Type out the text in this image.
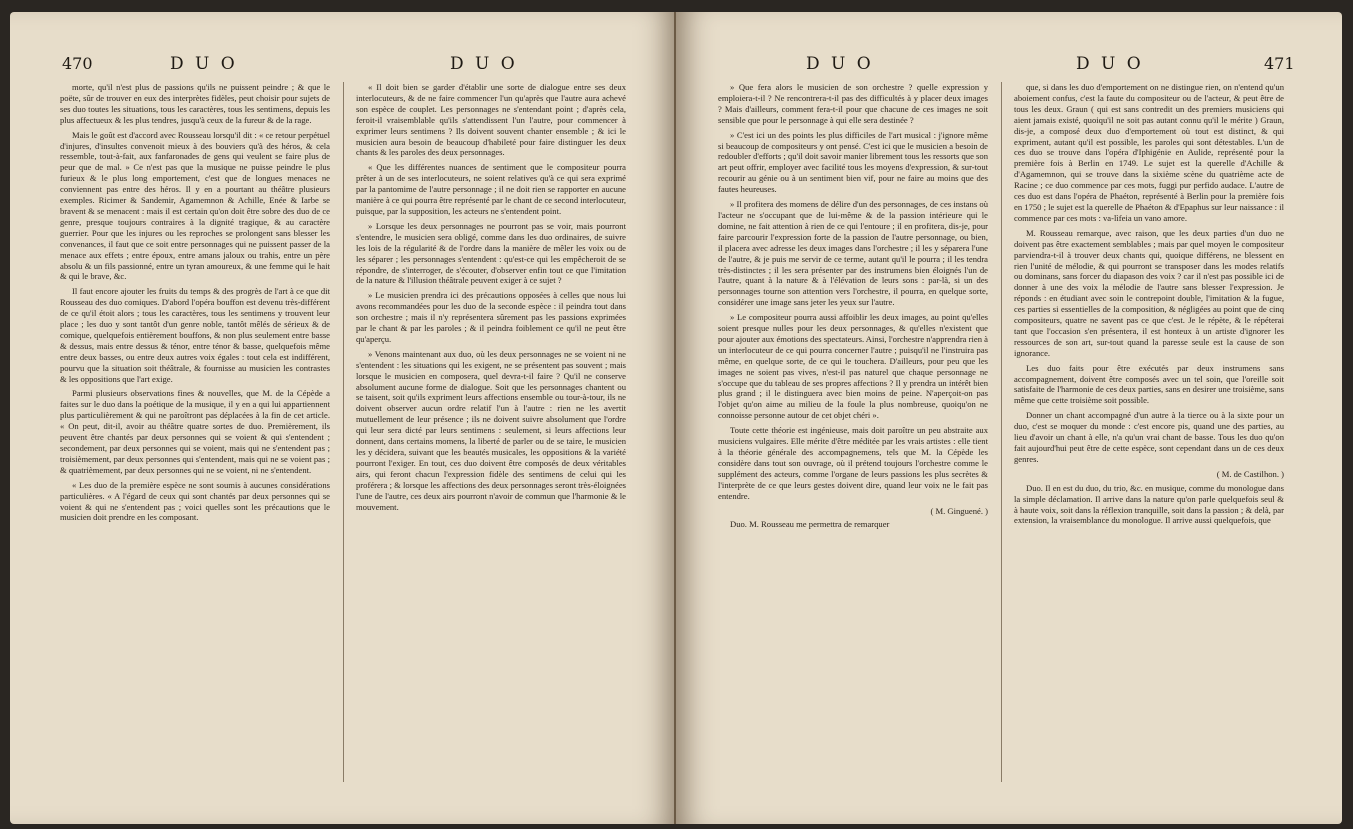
470	D U O	D U O

morte, qu'il n'est plus de passions qu'ils ne puissent peindre ; & que le poëte, sûr de trouver en eux des interprètes fidèles, peut choisir pour sujets de ses duo toutes les situations, tous les caractères, tous les sentimens, depuis les plus affectueux & les plus tendres, jusqu'à ceux de la fureur & de la rage.

Mais le goût est d'accord avec Rousseau lorsqu'il dit : « ce retour perpétuel d'injures, d'insultes convenoit mieux à des bouviers qu'à des héros, & cela ressemble, tout-à-fait, aux fanfaronades de gens qui veulent se faire plus de peur que de mal. » Ce n'est pas que la musique ne puisse peindre le plus furieux & le plus long emportement, c'est que de longues menaces ne conviennent pas entre des héros. Il y en a pourtant au théâtre plusieurs exemples. Ricimer & Sandemir, Agamemnon & Achille, Enée & Iarbe se bravent & se menacent : mais il est certain qu'on doit être sobre des duo de ce genre, presque toujours contraires à la dignité tragique, & au caractère guerrier. Pour que les injures ou les reproches se prolongent sans blesser les convenances, il faut que ce soit entre personnages qui ne puissent passer de la menace aux effets ; entre époux, entre amans jaloux ou trahis, entre un père absolu & un fils passionné, entre un tyran amoureux, & une femme qui le hait & qui le brave, &c.

Il faut encore ajouter les fruits du temps & des progrès de l'art à ce que dit Rousseau des duo comiques. D'abord l'opéra bouffon est devenu très-différent de ce qu'il étoit alors ; tous les caractères, tous les sentimens y trouvent leur place ; les duo y sont tantôt d'un genre noble, tantôt mêlés de sérieux & de comique, quelquefois entièrement bouffons, & non plus seulement entre basse & dessus, mais entre dessus & ténor, entre ténor & basse, quelquefois même entre deux basses, ou entre deux autres voix égales : tout cela est indifférent, pourvu que la situation soit théâtrale, & fournisse au musicien les contrastes & les oppositions que l'art exige.

Parmi plusieurs observations fines & nouvelles, que M. de la Cépède a faites sur le duo dans la poétique de la musique, il y en a qui lui appartiennent plus particulièrement & qui ne paroîtront pas déplacées à la fin de cet article. « On peut, dit-il, avoir au théâtre quatre sortes de duo. Premièrement, ils peuvent être chantés par deux personnes qui se voient & qui s'entendent ; secondement, par deux personnes qui se voient, mais qui ne s'entendent pas ; troisièmement, par deux personnes qui s'entendent, mais qui ne se voient pas ; & quatrièmement, par deux personnes qui ne se voient, ni ne s'entendent.

« Les duo de la première espèce ne sont soumis à aucunes considérations particulières. « A l'égard de ceux qui sont chantés par deux personnes qui se voient & qui ne s'entendent pas ; voici quelles sont les précautions que le musicien doit prendre en les composant.

« Il doit bien se garder d'établir une sorte de dialogue entre ses deux interlocuteurs, & de ne faire commencer l'un qu'après que l'autre aura achevé son espèce de couplet. Les personnages ne s'entendant point ; d'après cela, feroit-il vraisemblable qu'ils s'attendissent l'un l'autre, pour commencer à exprimer leurs sentimens ? Ils doivent souvent chanter ensemble ; & ici le musicien aura besoin de beaucoup d'habileté pour faire distinguer les deux chants & les paroles des deux personnages.

« Que les différentes nuances de sentiment que le compositeur pourra prêter à un de ses interlocuteurs, ne soient relatives qu'à ce qui sera exprimé par la pantomime de l'autre personnage ; il ne doit rien se rapporter en aucune manière à ce qui pourra être représenté par le chant de ce second interlocuteur, puisque, par la supposition, les acteurs ne s'entendent point.

» Lorsque les deux personnages ne pourront pas se voir, mais pourront s'entendre, le musicien sera obligé, comme dans les duo ordinaires, de suivre les lois de la régularité & de l'ordre dans la manière de mêler les voix ou de les séparer ; les personnages s'entendent : qu'est-ce qui les empêcheroit de se répondre, de s'interroger, de s'écouter, d'observer enfin tout ce que l'imitation de la nature & l'illusion théâtrale peuvent exiger à ce sujet ?

» Le musicien prendra ici des précautions opposées à celles que nous lui avons recommandées pour les duo de la seconde espèce : il peindra tout dans son orchestre ; mais il n'y représentera sûrement pas les passions exprimées par le chant & par les paroles ; & il peindra foiblement ce qu'il ne peut être qu'aperçu.

» Venons maintenant aux duo, où les deux personnages ne se voient ni ne s'entendent : les situations qui les exigent, ne se présentent pas souvent ; mais lorsque le musicien en composera, quel devra-t-il faire ? Qu'il ne conserve absolument aucune forme de dialogue. Soit que les personnages chantent ou se taisent, soit qu'ils expriment leurs affections ensemble ou tour-à-tour, ils ne doivent observer aucun ordre relatif l'un à l'autre : rien ne les avertit mutuellement de leur présence ; ils ne doivent suivre absolument que l'ordre qui leur sera dicté par leurs sentimens : seulement, si leurs affections leur donnent, dans certains momens, la liberté de parler ou de se taire, le musicien les y décidera, suivant que les beautés musicales, les oppositions & la variété pourront l'exiger. En tout, ces duo doivent être composés de deux véritables airs, qui feront chacun l'expression fidèle des sentimens de celui qui les proférera ; & lorsque les affections des deux personnages seront très-éloignées l'une de l'autre, ces deux airs pourront n'avoir de commun que l'harmonie & le mouvement.

D U O	D U O	471

» Que fera alors le musicien de son orchestre ? quelle expression y emploiera-t-il ? Ne rencontrera-t-il pas des difficultés à y placer deux images ? Mais d'ailleurs, comment fera-t-il pour que chacune de ces images ne soit sensible que pour le personnage à qui elle sera destinée ?

» C'est ici un des points les plus difficiles de l'art musical : j'ignore même si beaucoup de compositeurs y ont pensé. C'est ici que le musicien a besoin de redoubler d'efforts ; qu'il doit savoir manier librement tous les ressorts que son art peut offrir, employer avec facilité tous les moyens d'expression, & sur-tout recourir au génie ou à un sentiment bien vif, pour ne faire au moins que des fautes heureuses.

» Il profitera des momens de délire d'un des personnages, de ces instans où l'acteur ne s'occupant que de lui-même & de la passion intérieure qui le domine, ne fait attention à rien de ce qui l'entoure ; il en profitera, dis-je, pour faire parcourir l'expression forte de la passion de l'autre personnage, ou bien, il placera avec adresse les deux images dans l'orchestre ; il les y séparera l'une de l'autre, & je puis me servir de ce terme, autant qu'il le pourra ; il les tendra très-distinctes ; il les sera présenter par des instrumens bien éloignés l'un de l'autre, quant à la nature & à l'élévation de leurs sons : par-là, si un des personnages tourne son attention vers l'orchestre, il pourra, en quelque sorte, considérer une image sans jeter les yeux sur l'autre.

» Le compositeur pourra aussi affoiblir les deux images, au point qu'elles soient presque nulles pour les deux personnages, & qu'elles n'existent que pour ajouter aux émotions des spectateurs. Ainsi, l'orchestre n'apprendra rien à un interlocuteur de ce qui pourra concerner l'autre ; puisqu'il ne l'instruira pas même, en quelque sorte, de ce qui le touchera. D'ailleurs, pour peu que les images ne soient pas vives, n'est-il pas naturel que chaque personnage ne s'occupe que du tableau de ses propres affections ? Il y prendra un intérêt bien plus grand ; il le distinguera avec bien moins de peine. N'aperçoit-on pas l'objet qu'on aime au milieu de la foule la plus nombreuse, quoiqu'on ne connoisse personne autour de cet objet chéri ».

Toute cette théorie est ingénieuse, mais doit paroître un peu abstraite aux musiciens vulgaires. Elle mérite d'être méditée par les vrais artistes : elle tient à la théorie générale des accompagnemens, tels que M. la Cépède les considère dans tout son ouvrage, où il prétend toujours l'orchestre comme le supplément des acteurs, comme l'organe de leurs passions les plus secrètes & l'interprète de ce que leurs gestes doivent dire, quand leur voix ne le fait pas entendre.

( M. Ginguené. )

Duo. M. Rousseau me permettra de remarquer

que, si dans les duo d'emportement on ne distingue rien, on n'entend qu'un aboiement confus, c'est la faute du compositeur ou de l'acteur, & peut être de tous les deux. Graun ( qui est sans contredit un des premiers musiciens qui aient jamais existé, quoiqu'il ne soit pas autant connu qu'il le mérite ) Graun, dis-je, a composé deux duo d'emportement où tout est distinct, & qui expriment, autant qu'il est possible, les paroles qui sont détestables. L'un de ces duo se trouve dans l'opéra d'Iphigénie en Aulide, représenté pour la première fois à Berlin en 1749. Le sujet est la querelle d'Achille & d'Agamemnon, qui se trouve dans la sixième scène du quatrième acte de Racine ; ce duo commence par ces mots, fuggi pur perfido audace. L'autre de ces duo est dans l'opéra de Phaéton, représenté à Berlin pour la première fois en 1750 ; le sujet est la querelle de Phaéton & d'Epaphus sur leur naissance : il commence par ces mots : va-lìfeia un vano amore.

M. Rousseau remarque, avec raison, que les deux parties d'un duo ne doivent pas être exactement semblables ; mais par quel moyen le compositeur parviendra-t-il à trouver deux chants qui, quoique différens, ne blessent en rien l'unité de mélodie, & qui pourront se transposer dans les modes relatifs ou dominans, sans forcer du diapason des voix ? car il n'est pas possible ici de donner à une des voix la mélodie de l'autre sans blesser l'expression. Je réponds : en étudiant avec soin le contrepoint double, l'imitation & la fugue, ces parties si essentielles de la composition, & négligées au point que de cinq compositeurs, quatre ne savent pas ce que c'est. Je le répète, & le répéterai tant que l'occasion s'en présentera, il est honteux à un artiste d'ignorer les ressources de son art, sur-tout quand la paresse seule est la cause de son ignorance.

Les duo faits pour être exécutés par deux instrumens sans accompagnement, doivent être composés avec un tel soin, que l'oreille soit satisfaite de l'harmonie de ces deux parties, sans en desirer une troisième, sans même que cette troisième soit possible.

Donner un chant accompagné d'un autre à la tierce ou à la sixte pour un duo, c'est se moquer du monde : c'est encore pis, quand une des parties, au lieu d'avoir un chant à elle, n'a qu'un vrai chant de basse. Tous les duo qu'on fait aujourd'hui peut être de cette espèce, sont cependant dans un de ces deux genres.

( M. de Castilhon. )

Duo. Il en est du duo, du trio, &c. en musique, comme du monologue dans la simple déclamation. Il arrive dans la nature qu'on parle quelquefois seul & à haute voix, soit dans la réflexion tranquille, soit dans la passion ; & delà, par extension, la vraisemblance du monologue. Il arrive aussi quelquefois, que
